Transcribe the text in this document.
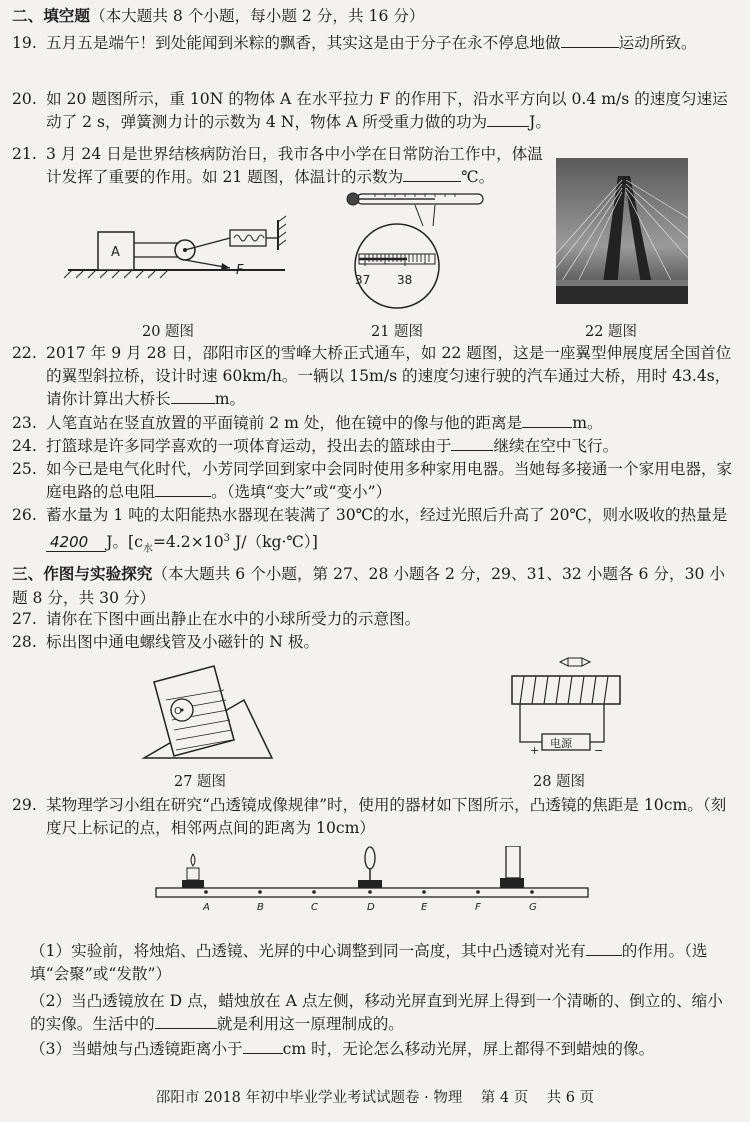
二、填空题（本大题共 8 个小题，每小题 2 分，共 16 分）
19. 五月五是端午！到处能闻到米粽的飘香，其实这是由于分子在永不停息地做	运动所致。
20. 如 20 题图所示，重 10N 的物体 A 在水平拉力 F 的作用下，沿水平方向以 0.4 m/s 的速度匀速运动了 2 s，弹簧测力计的示数为 4 N，物体 A 所受重力做的功为	J。
21. 3 月 24 日是世界结核病防治日，我市各中小学在日常防治工作中，体温计发挥了重要的作用。如 21 题图，体温计的示数为	℃。
A
F
37 38
20 题图	21 题图	22 题图
22. 2017 年 9 月 28 日，邵阳市区的雪峰大桥正式通车，如 22 题图，这是一座翼型伸展度居全国首位的翼型斜拉桥，设计时速 60km/h。一辆以 15m/s 的速度匀速行驶的汽车通过大桥，用时 43.4s，请你计算出大桥长	m。
23. 人笔直站在竖直放置的平面镜前 2 m 处，他在镜中的像与他的距离是	m。
24. 打篮球是许多同学喜欢的一项体育运动，投出去的篮球由于	继续在空中飞行。
25. 如今已是电气化时代，小芳同学回到家中会同时使用多种家用电器。当她每多接通一个家用电器，家庭电路的总电阻	。（选填“变大”或“变小”）
26. 蓄水量为 1 吨的太阳能热水器现在装满了 30℃的水，经过光照后升高了 20℃，则水吸收的热量是4200 J。[$c_水=4.2\times 10^3$ J/（kg·℃）]
三、作图与实验探究（本大题共 6 个小题，第 27、28 小题各 2 分，29、31、32 小题各 6 分，30 小题 8 分，共 30 分）
27. 请你在下图中画出静止在水中的小球所受力的示意图。
28. 标出图中通电螺线管及小磁针的 N 极。
O
电源
+	−
27 题图	28 题图
29. 某物理学习小组在研究“凸透镜成像规律”时，使用的器材如下图所示，凸透镜的焦距是 10cm。（刻度尺上标记的点，相邻两点间的距离为 10cm）
A	B	C	D	E	F	G
（1）实验前，将烛焰、凸透镜、光屏的中心调整到同一高度，其中凸透镜对光有 的作用。（选填“会聚”或“发散”）
（2）当凸透镜放在 D 点，蜡烛放在 A 点左侧，移动光屏直到光屏上得到一个清晰的、倒立的、缩小的实像。生活中的	就是利用这一原理制成的。
（3）当蜡烛与凸透镜距离小于	cm 时，无论怎么移动光屏，屏上都得不到蜡烛的像。
邵阳市 2018 年初中毕业学业考试试题卷 · 物理    第 4 页    共 6 页
